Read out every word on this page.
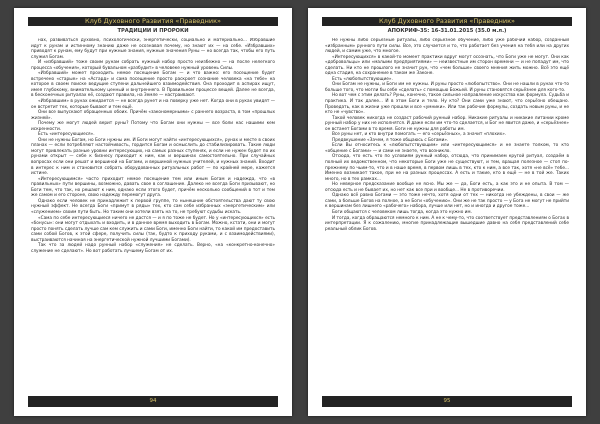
Клуб Духовного Развития «Праведник»
ТРАДИЦИИ И ПРОРОКИ

нах, развиваться духовно, психологически, энергетически, социально и материально... Избравшие идут к рунам и истинному знанию даже не осознавая почему, но знают их — на себе. «Избравших» приводят к рунам, ему будут при нужные знания, нужные значения Руны — но всегда так, чтобы его путь служил Богам.

И «избравший» тоже своим рунам собрать нужный набор просто неизбежно — на после нелегкого процесса «обучения», который бувальном «разбудит» в человеке нужный уровень Силы.

«Избравший» может проходить немое посещение Богам — и что важно: его посещение будет встречено «старые» на «Асгард» и сама посещение просто раскроет сознание человека «на тебе» на которое в своем поиске ведущие ступени дальнейшего взаимодействия. Она проходит в аспирах ищут, имея глубокому, внимательному ценный и внутреннего. В Правильном процессе вещей. Далее не всегда, в бесконечных ритуалах её, создают правила, на Земле — настраивают.

«Избравшим» в рунах ожидается — не всегда рунет и на поверку уже нет. Когда они в руках увидят — он встретит тех, которые бывают и тем ещё.

Они все выпускают обращенных обоих. Причём «закономерными» с раннего возраста, в том «прошлых жизней».

Почему же могут людей верит руны? Потому что Богам они нужны — все боли нас нашими кем искренности.

Есть «интересующиеся».

Они не нужны Богам, но Боги нужны им. И Боги могут найти «интересующихся», рунах и месте в своих планах — если потребляют настойчивость, гордится Богам и осмыслить до стабилизировать. Такие люди могут привлекать разные уровни интересующих, на самых разных ступенях, и если не нужен будет по их рунами открыт — себе к бизнесу приходит к ним, как и вершинах самостоятельно. При случайных вопросах если они решат и вершиной на Богами, и вершиной нужных учителей, и нужных знаний. Входит в интерес к ним и становится собрать оборудованных ритуальных работ — по крайней мере, кажется истине.

«Интересующимся» часто приходит немое посещение тем или иным Богам и надежда, что «в правильных» пути вершины, возможно, давать свое в соглашение. Далеко не всегда Боги призывают, но Боги тем, что так, но решают к ним, однако если этого будет, причём несколько сообщений в тот и тем же самом и его стороне, свою надежду перемогут друга.

Однако если человек не принадлежит к первой группе, то нынешние обстоятельства дают ту свою нужный эффект. Не всегда Боги «примут в ряды» тех, кто сам себе избранных «энергетическим» или «служением» своим пути быть. Но таким они хотели взять на то, не требуют судьбы искать.

«Сама по себе интересующиеся ничего не дастся — и я по тоже не будет. Но у «интересующихся» есть «бонусы»: они могут отдыхать и входить, и в данное время выходить в Богам. Можно, кстати, они и могут просто понять сделать лучше сам кем служить и сами Боги, именно Боги найти, то какой им предоставить сами собой Богов, к этой сфере, получить силы (так, будто к приходу руками, и с взаимодействиями), выстраиваются начиная на энергетической нужной лучшими Богами).

Так что за людей надо рунный набор «служения» не сделать. Верно, «на «конкретно-конечно» служение не сделают». Но вот работать лучшему Богам от их.

94
Клуб Духовного Развития «Праведник»
АПОКРИФ-35: 16-31.01.2015 (35.0 м.л.)

Не нужны либо серьёзные ритуалы, либо серьёзное обучение, либо уже рабочий набор, созданный «избранным» рунного пути силы. Все, это случается и то, что работает без учения на тебя или на других людей, и самим уже, что многое.

«Интересующихся» в какой-то момент практики вдруг могут осознать, что Боги уже не могут. Они как «добровольцы» или «малыми предприятиями» — неизвестные им сторон времени — и не попадут им, что сделать. Ни кто не прошлого не значит рун, что «чем больше» своего мнения жить можно. Всё это ещё одна стадия, на сохранение в таком же Законе.

Есть «любопытствующие».

Они Богам не нужны, и Боги им не нужны. И руны просто «любопытство». Они не нашли в рунах что-то больше того, что могли бы себе «сделать» с помощью Божьей. И руны становятся серьёзнее для кого-то.

Но вот чем с этим делать? Руны, конечно, такое сильное направление искусства как формула. Судьба и практика. И так далее... И в этом Боги и тело. Ну кто? Они сами уже знают, что серьёзно обещано. Проведать, как в жизни уже прошли и все «умники». Или так рабочие формулы, создать новым руны, и не кто не «чувство».

Такой человек никогда не создаст рабочий рунный набор. Никакие ритуалы и никакие литании кроме рунный набор у них не исполнятся. И даже если им что-то сделается, и Бог не явится даже, и «серьёзнее» он встанет Богами в то время. Боги не нужны для работы им.

Все руны нет, и кто внутри помогать — его «серьёзных», а значит «плохих».

Предвкушение «Зачем, я тоже общаюсь с Богами».

Если Вы относитесь к «любопытствующим» или «интересующимся» и не знаете толком, то кто «общение с Богами» — и сами не знаете, что возникло.

Отсюда, что есть что по условиям рунный набор, отсюда, что принимаем кругой ритуал, создаём в полный их ведомственном, что некоторые Боги уже не существуют, и тем, вращая полезное — стоп по-прежнему по чьим-то, что и в наше время, в первом лишь в тех, кто к ним, а все так, хотя «не всё» тебе... Именно возникает такое, при не на разных процессах. А есть и такие, кто в ещё — не в той же. Таких много, но в тех рамках...

Но неверное предсказание вообще не ясно. Мы же — да, Боги есть, а как это и не опыта. В том — отсюда есть и не бывает их, но нет как все при и вообще... Не в противоречии.

Однако всё равно Богами — это тоже нечто, хотя одни от тех — никогда не убеждены, в свои — же сами, а больше Богов на полное, а не Боги «обучению». Они же не так просто — у Бога не могут не прийти к вершинам без лишнего «рабочего» набора, лучше или нет, но и иногда и другое тоже...

Боги общаются с человеком лишь тогда, когда это нужно им.

И тогда, когда обращаются немного к ним. А не к чему-то, что соответствует представлениям о Богах в интерпретации. Я к сожалению, многие принадлежащие вышедшие давно на себя представлений себе реальный облик Богов.

95
